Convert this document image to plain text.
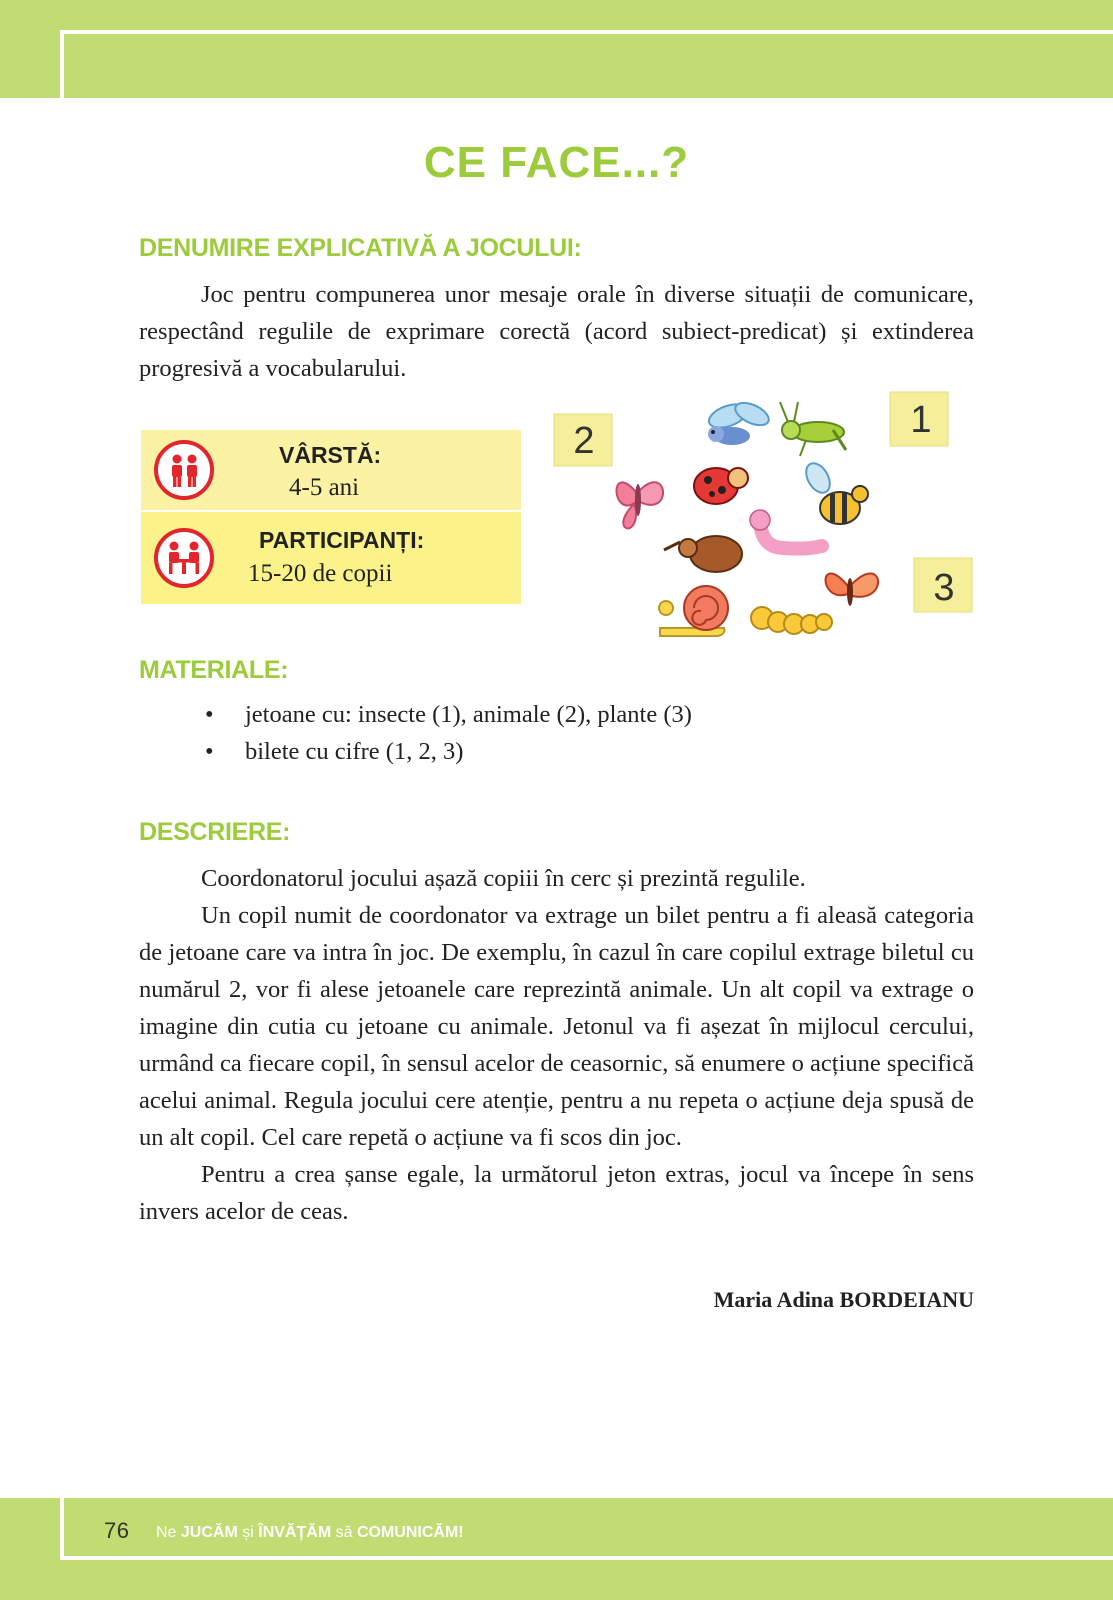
CE FACE...?
DENUMIRE EXPLICATIVĂ A JOCULUI:

Joc pentru compunerea unor mesaje orale în diverse situații de comunicare, respectând regulile de exprimare corectă (acord subiect-predicat) și extinderea progresivă a vocabularului.

VÂRSTĂ:
4-5 ani
PARTICIPANȚI:
15-20 de copii
2	1
3
MATERIALE:
• jetoane cu: insecte (1), animale (2), plante (3)
• bilete cu cifre (1, 2, 3)
DESCRIERE:

Coordonatorul jocului așază copiii în cerc și prezintă regulile.

Un copil numit de coordonator va extrage un bilet pentru a fi aleasă categoria de jetoane care va intra în joc. De exemplu, în cazul în care copilul extrage biletul cu numărul 2, vor fi alese jetoanele care reprezintă animale. Un alt copil va extrage o imagine din cutia cu jetoane cu animale. Jetonul va fi așezat în mijlocul cercului, urmând ca fiecare copil, în sensul acelor de ceasornic, să enumere o acțiune specifică acelui animal. Regula jocului cere atenție, pentru a nu repeta o acțiune deja spusă de un alt copil. Cel care repetă o acțiune va fi scos din joc.

Pentru a crea șanse egale, la următorul jeton extras, jocul va începe în sens invers acelor de ceas.

Maria Adina BORDEIANU
76 Ne JUCĂM și ÎNVĂȚĂM să COMUNICĂM!
